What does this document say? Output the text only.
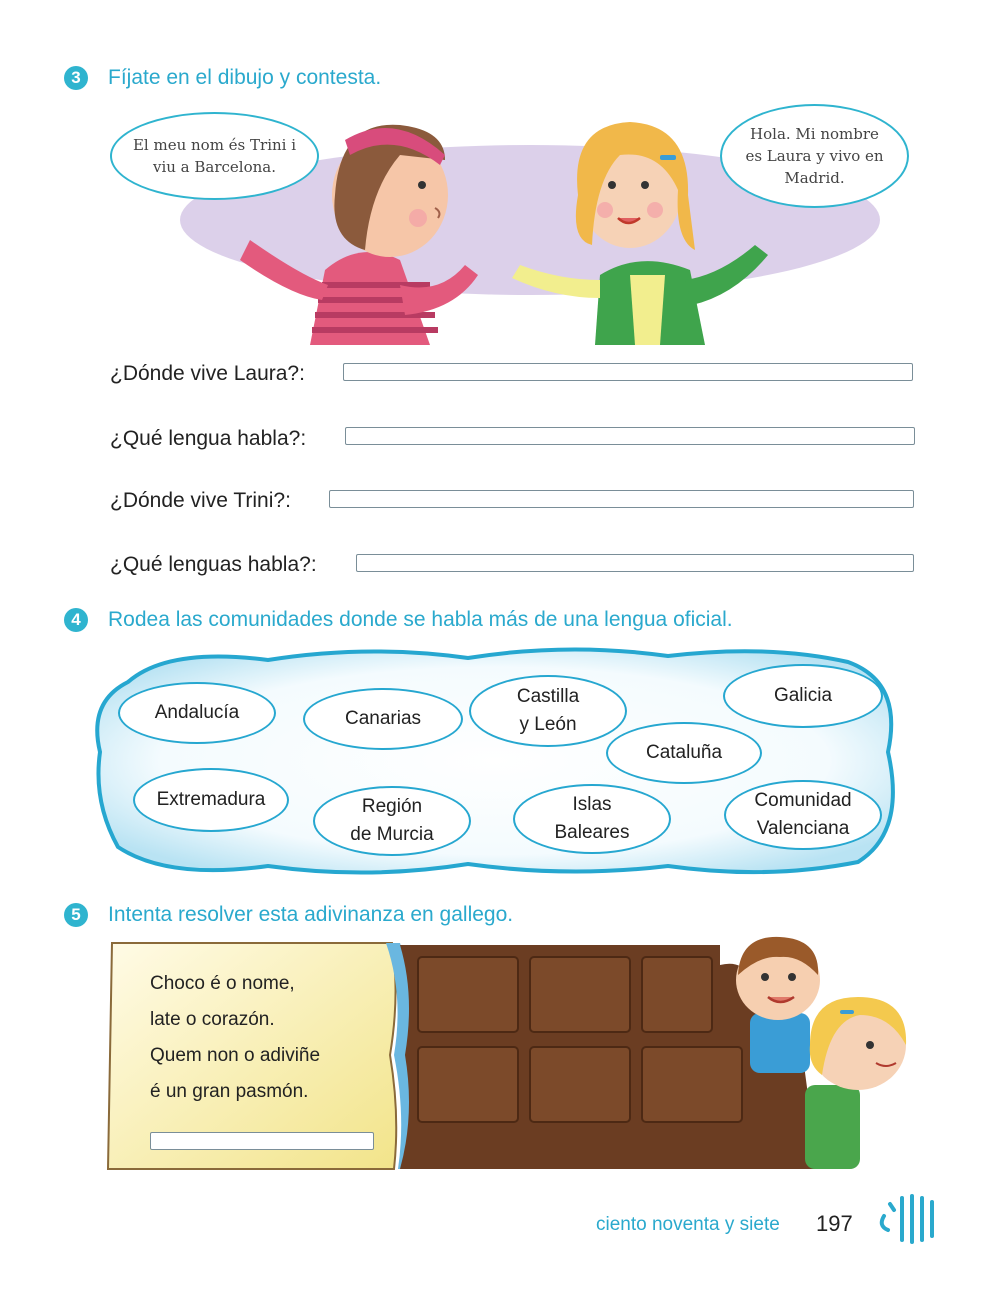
3	Fíjate en el dibujo y contesta.
El meu nom és Trini i viu a Barcelona.
Hola. Mi nombre es Laura y vivo en Madrid.
¿Dónde vive Laura?:
¿Qué lengua habla?:
¿Dónde vive Trini?:
¿Qué lenguas habla?:
4	Rodea las comunidades donde se habla más de una lengua oficial.
Andalucía	Canarias
Castilla
y León
Galicia
Cataluña
Extremadura	Región
de Murcia
Islas
Baleares
Comunidad
Valenciana
5	Intenta resolver esta adivinanza en gallego.
Choco é o nome,
late o corazón.
Quem non o adiviñe
é un gran pasmón.
ciento noventa y siete 197
